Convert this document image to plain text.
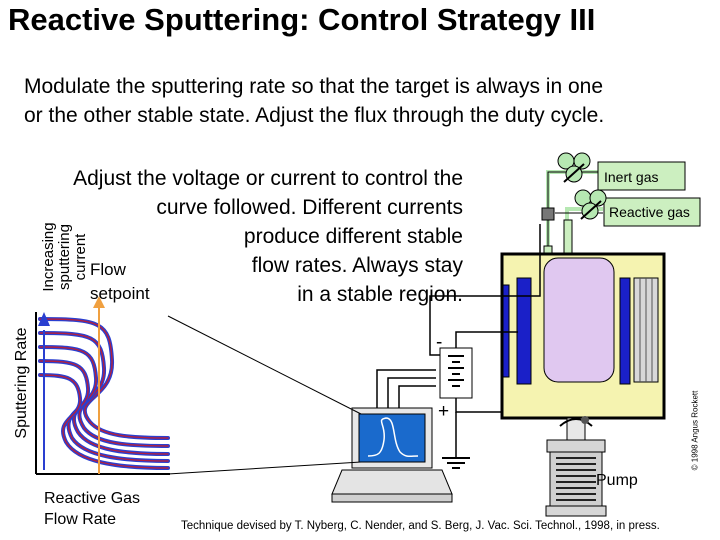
Reactive Sputtering: Control Strategy III
Modulate the sputtering rate so that the target is always in one
or the other stable state. Adjust the flux through the duty cycle.
Adjust the voltage or current to control the
curve followed. Different currents
produce different stable
flow rates. Always stay
in a stable region.
Sputtering Rate
Increasing sputtering current Flow
setpoint
Reactive Gas
Flow Rate
Inert gas
Reactive gas
Pump
-
+
Technique devised by T. Nyberg, C. Nender, and S. Berg, J. Vac. Sci. Technol., 1998, in press.
© 1998 Angus Rockett
